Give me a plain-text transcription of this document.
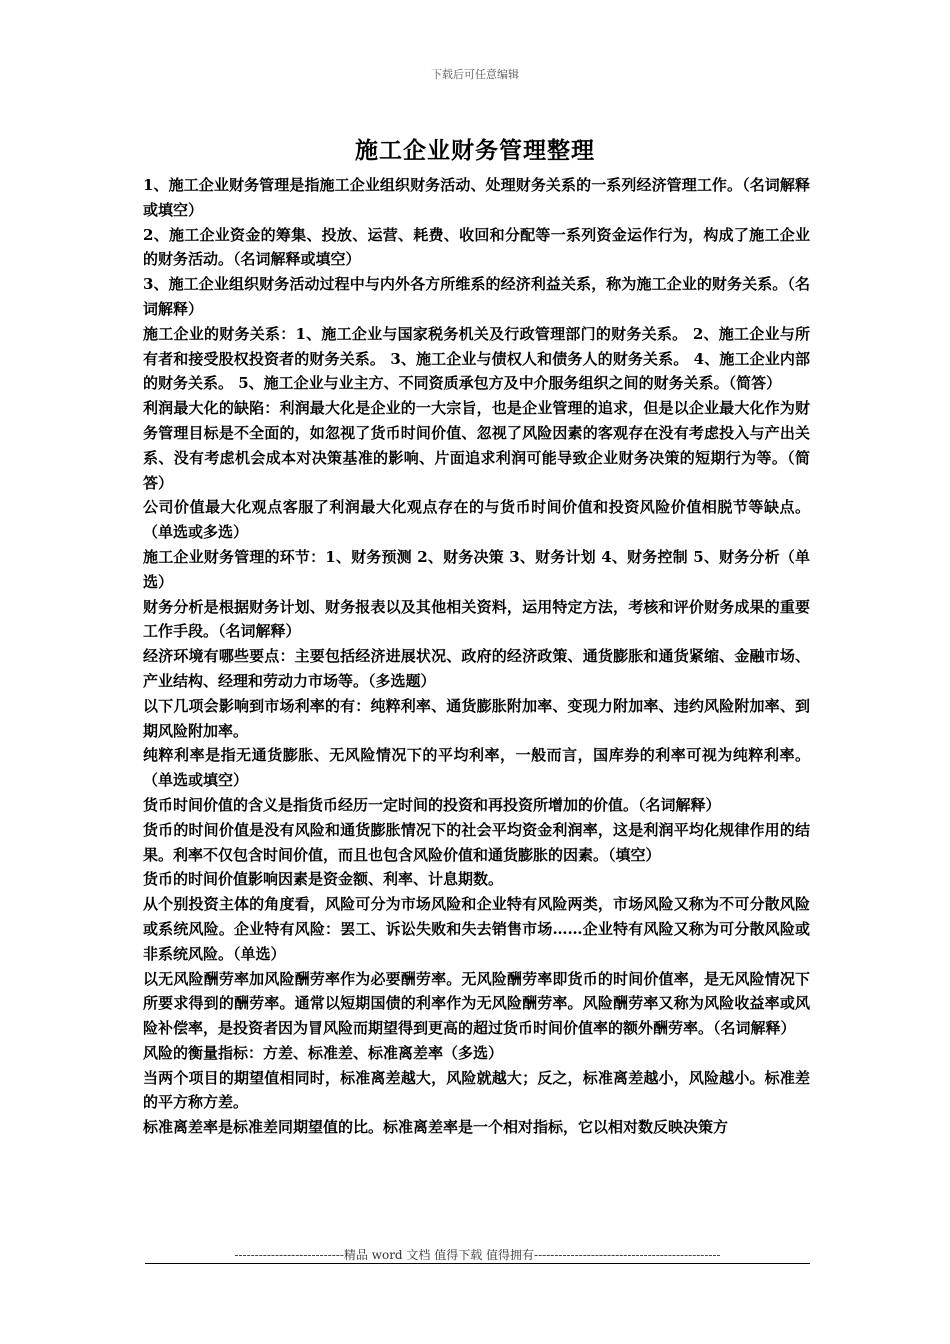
下载后可任意编辑
施工企业财务管理整理

1、施工企业财务管理是指施工企业组织财务活动、处理财务关系的一系列经济管理工作。（名词解释或填空）

2、施工企业资金的筹集、投放、运营、耗费、收回和分配等一系列资金运作行为，构成了施工企业的财务活动。（名词解释或填空）

3、施工企业组织财务活动过程中与内外各方所维系的经济利益关系，称为施工企业的财务关系。（名词解释）

施工企业的财务关系：1、施工企业与国家税务机关及行政管理部门的财务关系。 2、施工企业与所有者和接受股权投资者的财务关系。 3、施工企业与债权人和债务人的财务关系。 4、施工企业内部的财务关系。 5、施工企业与业主方、不同资质承包方及中介服务组织之间的财务关系。（简答）

利润最大化的缺陷：利润最大化是企业的一大宗旨，也是企业管理的追求，但是以企业最大化作为财务管理目标是不全面的，如忽视了货币时间价值、忽视了风险因素的客观存在没有考虑投入与产出关系、没有考虑机会成本对决策基准的影响、片面追求利润可能导致企业财务决策的短期行为等。（简答）

公司价值最大化观点客服了利润最大化观点存在的与货币时间价值和投资风险价值相脱节等缺点。（单选或多选）

施工企业财务管理的环节：1、财务预测 2、财务决策 3、财务计划 4、财务控制 5、财务分析（单选）

财务分析是根据财务计划、财务报表以及其他相关资料，运用特定方法，考核和评价财务成果的重要工作手段。（名词解释）

经济环境有哪些要点：主要包括经济进展状况、政府的经济政策、通货膨胀和通货紧缩、金融市场、产业结构、经理和劳动力市场等。（多选题）

以下几项会影响到市场利率的有：纯粹利率、通货膨胀附加率、变现力附加率、违约风险附加率、到期风险附加率。

纯粹利率是指无通货膨胀、无风险情况下的平均利率，一般而言，国库券的利率可视为纯粹利率。（单选或填空）

货币时间价值的含义是指货币经历一定时间的投资和再投资所增加的价值。（名词解释）

货币的时间价值是没有风险和通货膨胀情况下的社会平均资金利润率，这是利润平均化规律作用的结果。利率不仅包含时间价值，而且也包含风险价值和通货膨胀的因素。（填空）

货币的时间价值影响因素是资金额、利率、计息期数。

从个别投资主体的角度看，风险可分为市场风险和企业特有风险两类，市场风险又称为不可分散风险或系统风险。企业特有风险：罢工、诉讼失败和失去销售市场……企业特有风险又称为可分散风险或非系统风险。（单选）

以无风险酬劳率加风险酬劳率作为必要酬劳率。无风险酬劳率即货币的时间价值率，是无风险情况下所要求得到的酬劳率。通常以短期国债的利率作为无风险酬劳率。风险酬劳率又称为风险收益率或风险补偿率，是投资者因为冒风险而期望得到更高的超过货币时间价值率的额外酬劳率。（名词解释）

风险的衡量指标：方差、标准差、标准离差率（多选）

当两个项目的期望值相同时，标准离差越大，风险就越大；反之，标准离差越小，风险越小。标准差的平方称方差。

标准离差率是标准差同期望值的比。标准离差率是一个相对指标，它以相对数反映决策方

---------------------------精品 word 文档 值得下载 值得拥有----------------------------------------------
